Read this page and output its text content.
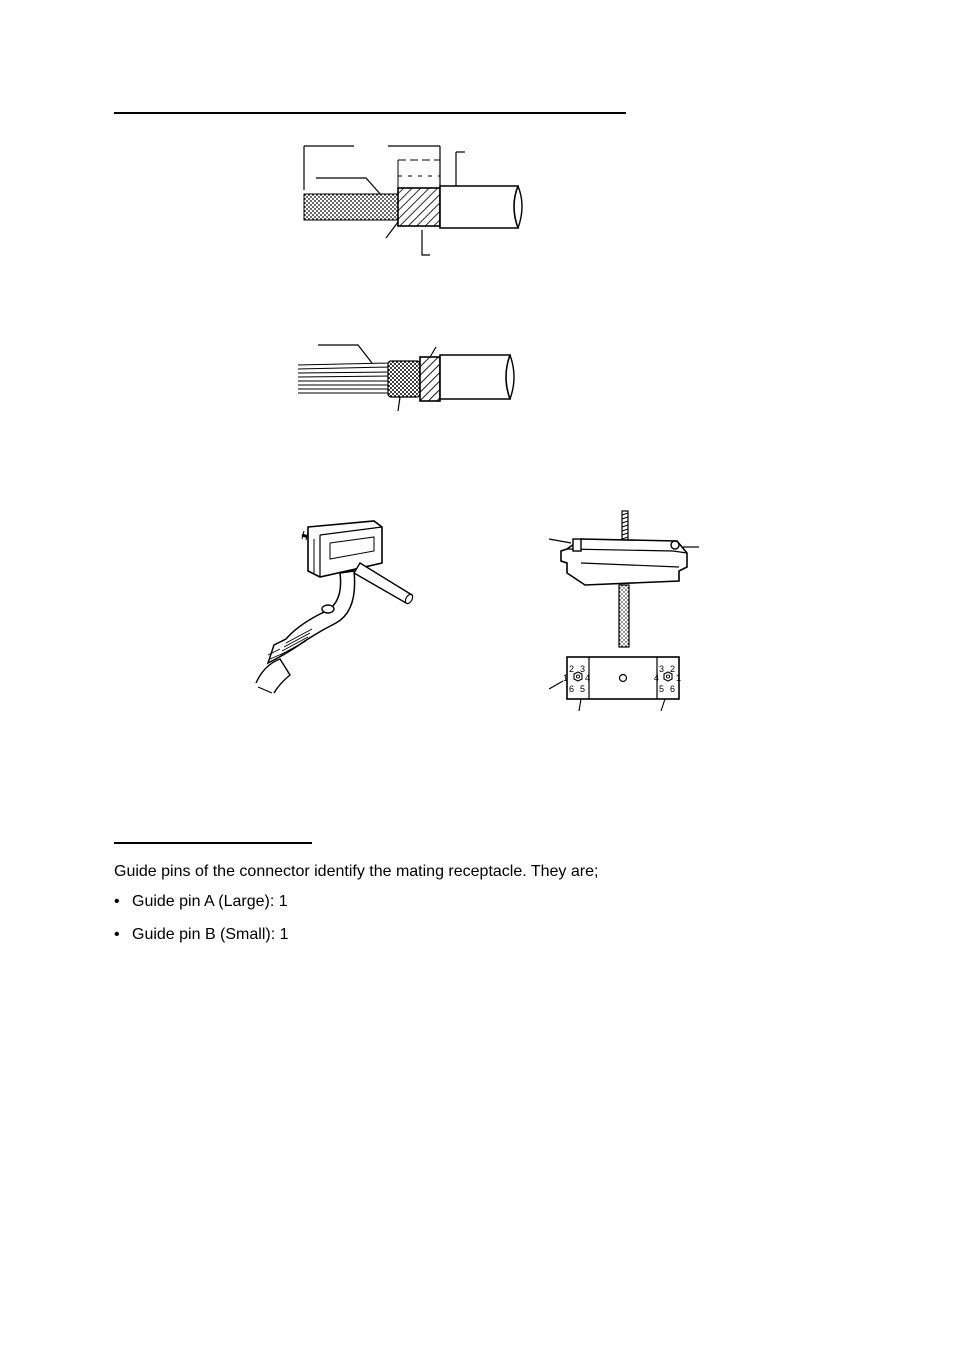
2 3
1 4
6 5
3 2
4 1
5 6
Guide pins of the connector identify the mating receptacle. They are;
• Guide pin A (Large): 1
• Guide pin B (Small): 1
